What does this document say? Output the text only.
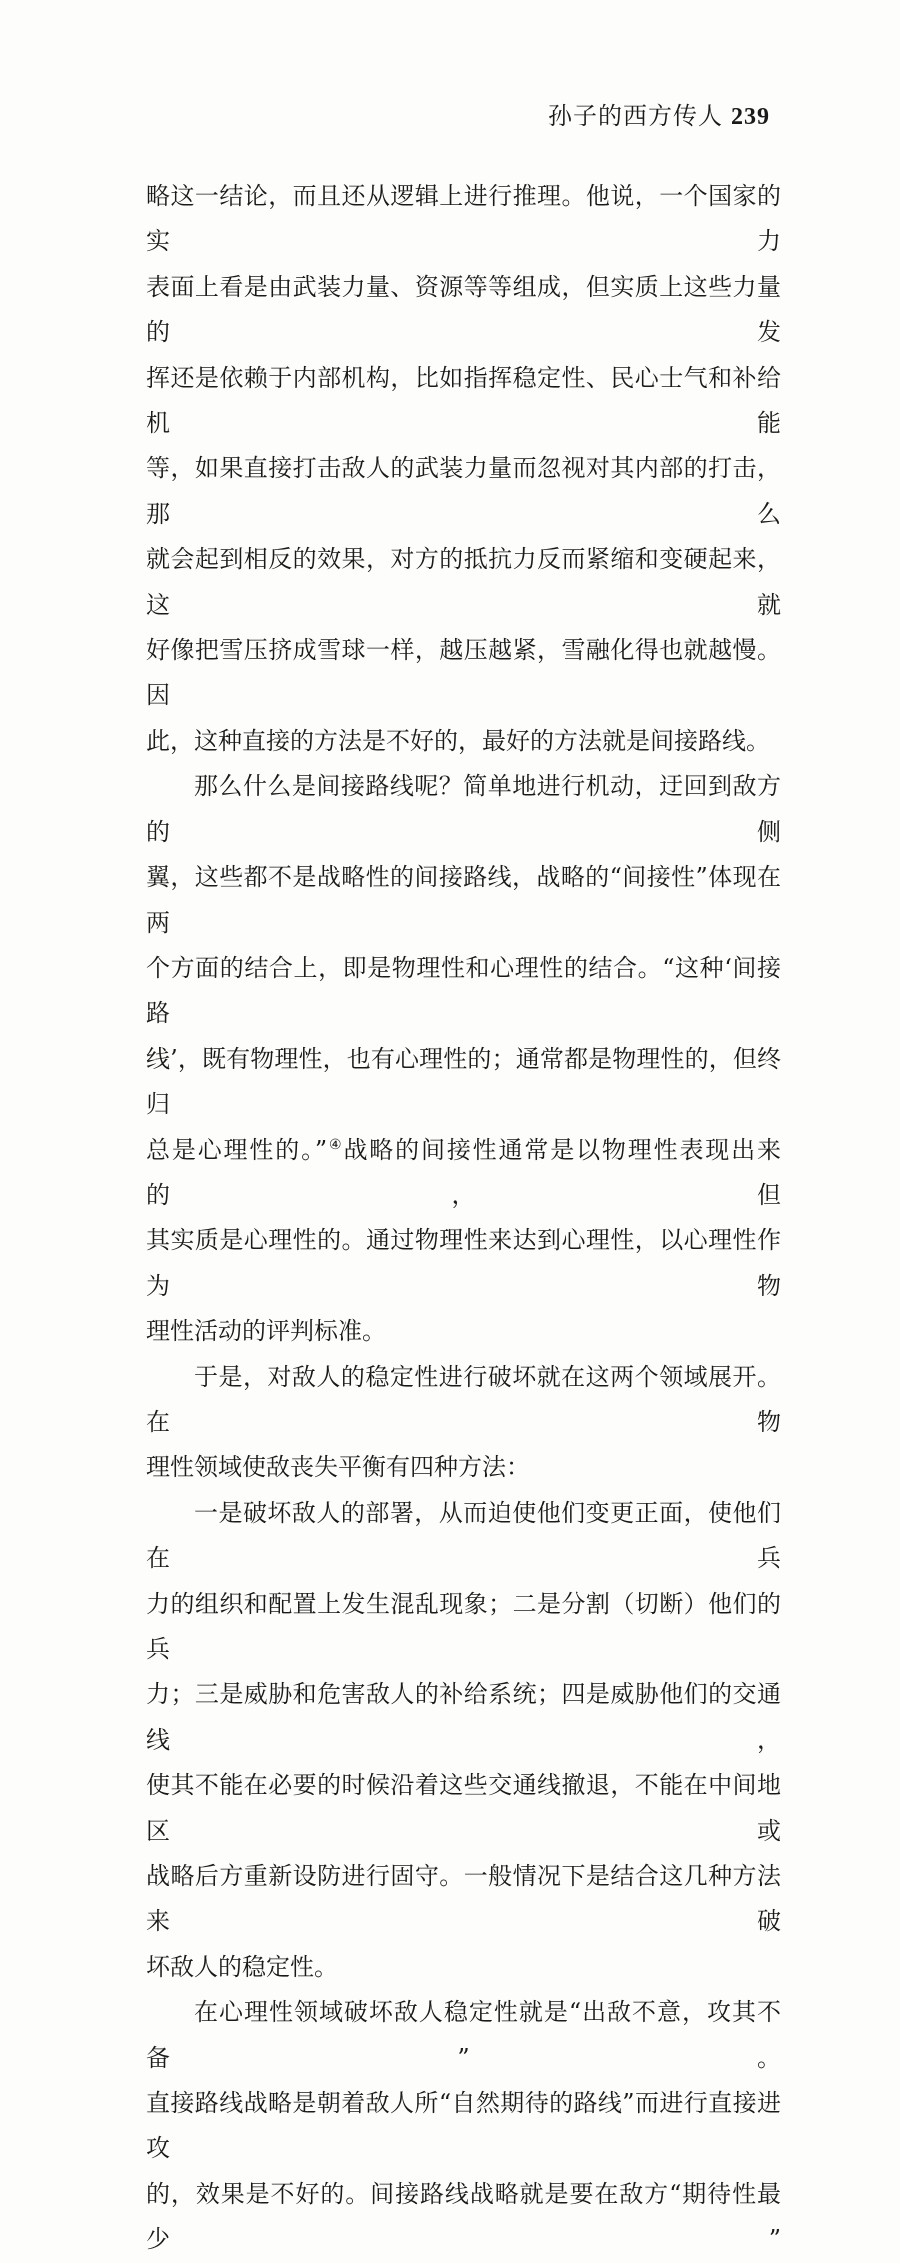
孙子的西方传人 239

略这一结论，而且还从逻辑上进行推理。他说，一个国家的实力

表面上看是由武装力量、资源等等组成，但实质上这些力量的发

挥还是依赖于内部机构，比如指挥稳定性、民心士气和补给机能

等，如果直接打击敌人的武装力量而忽视对其内部的打击，那么

就会起到相反的效果，对方的抵抗力反而紧缩和变硬起来，这就

好像把雪压挤成雪球一样，越压越紧，雪融化得也就越慢。因

此，这种直接的方法是不好的，最好的方法就是间接路线。

那么什么是间接路线呢？简单地进行机动，迂回到敌方的侧

翼，这些都不是战略性的间接路线，战略的“间接性”体现在两

个方面的结合上，即是物理性和心理性的结合。“这种‘间接路

线’，既有物理性，也有心理性的；通常都是物理性的，但终归

总是心理性的。”④战略的间接性通常是以物理性表现出来的，但

其实质是心理性的。通过物理性来达到心理性，以心理性作为物

理性活动的评判标准。

于是，对敌人的稳定性进行破坏就在这两个领域展开。在物

理性领域使敌丧失平衡有四种方法：

一是破坏敌人的部署，从而迫使他们变更正面，使他们在兵

力的组织和配置上发生混乱现象；二是分割（切断）他们的兵

力；三是威胁和危害敌人的补给系统；四是威胁他们的交通线，

使其不能在必要的时候沿着这些交通线撤退，不能在中间地区或

战略后方重新设防进行固守。一般情况下是结合这几种方法来破

坏敌人的稳定性。

在心理性领域破坏敌人稳定性就是“出敌不意，攻其不备”。

直接路线战略是朝着敌人所“自然期待的路线”而进行直接进攻

的，效果是不好的。间接路线战略就是要在敌方“期待性最少”
